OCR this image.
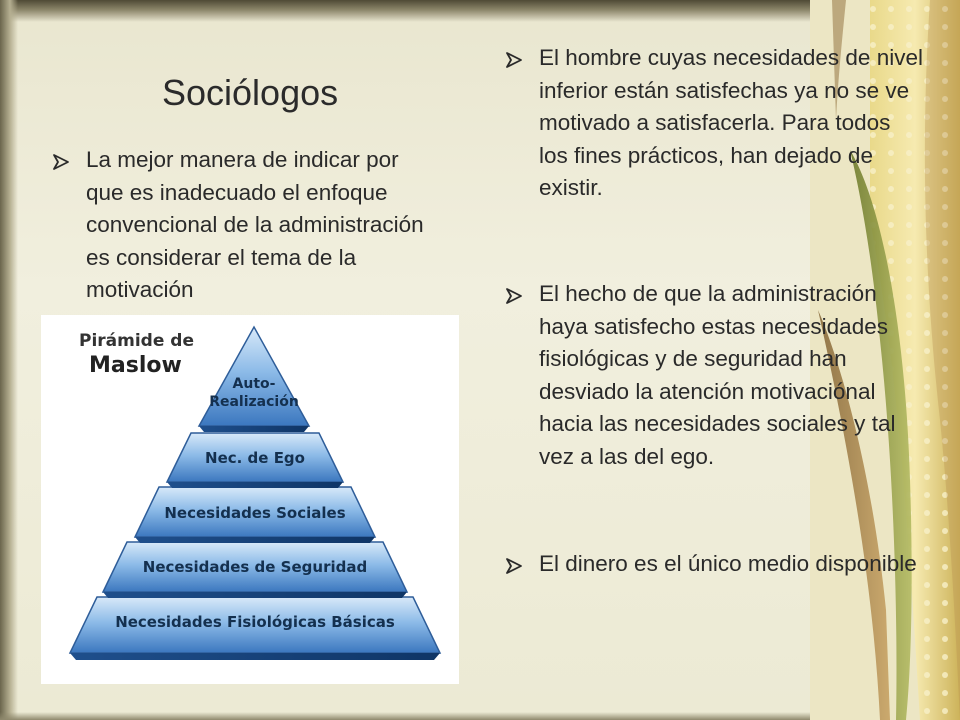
Sociólogos
La mejor manera de indicar por que es inadecuado el enfoque convencional de la administración es considerar el tema de la motivación
El hombre cuyas necesidades de nivel inferior están satisfechas ya no se ve motivado a satisfacerla. Para todos los fines prácticos, han dejado de existir.
El hecho de que la administración haya satisfecho estas necesidades fisiológicas y de seguridad han desviado la atención motivaciónal hacia las necesidades sociales y tal vez a las del ego.
El dinero es el único medio disponible
Pirámide de
Maslow
Auto-
Realización
Nec. de Ego
Necesidades Sociales
Necesidades de Seguridad
Necesidades Fisiológicas Básicas
